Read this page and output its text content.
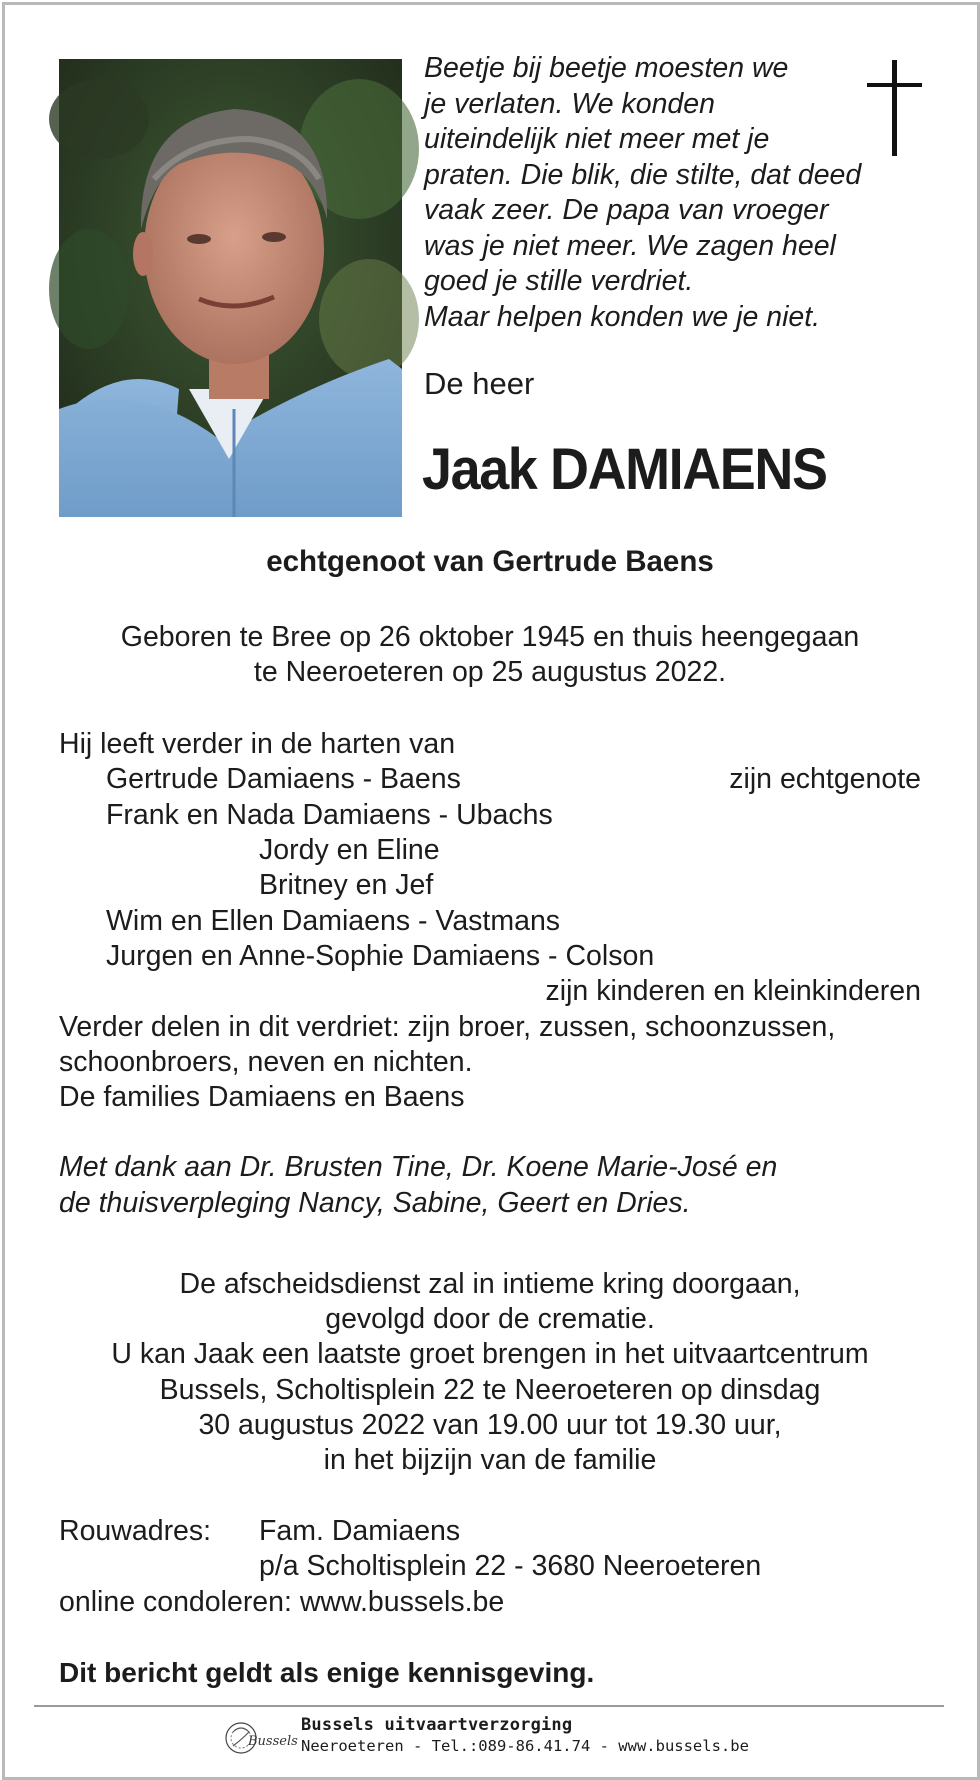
Beetje bij beetje moesten we
je verlaten. We konden
uiteindelijk niet meer met je
praten. Die blik, die stilte, dat deed
vaak zeer. De papa van vroeger
was je niet meer. We zagen heel
goed je stille verdriet.
Maar helpen konden we je niet.
De heer
Jaak DAMIAENS
echtgenoot van Gertrude Baens
Geboren te Bree op 26 oktober 1945 en thuis heengegaan
te Neeroeteren op 25 augustus 2022.
Hij leeft verder in de harten van
Gertrude Damiaens - Baens	zijn echtgenote
Frank en Nada Damiaens - Ubachs
Jordy en Eline
Britney en Jef
Wim en Ellen Damiaens - Vastmans
Jurgen en Anne-Sophie Damiaens - Colson
zijn kinderen en kleinkinderen
Verder delen in dit verdriet: zijn broer, zussen, schoonzussen,
schoonbroers, neven en nichten.
De families Damiaens en Baens
Met dank aan Dr. Brusten Tine, Dr. Koene Marie-José en
de thuisverpleging Nancy, Sabine, Geert en Dries.
De afscheidsdienst zal in intieme kring doorgaan,
gevolgd door de crematie.
U kan Jaak een laatste groet brengen in het uitvaartcentrum
Bussels, Scholtisplein 22 te Neeroeteren op dinsdag
30 augustus 2022 van 19.00 uur tot 19.30 uur,
in het bijzijn van de familie
Rouwadres: Fam. Damiaens
p/a Scholtisplein 22 - 3680 Neeroeteren
online condoleren: www.bussels.be
Dit bericht geldt als enige kennisgeving.
Bussels
Bussels uitvaartverzorging
Neeroeteren - Tel.:089-86.41.74 - www.bussels.be
